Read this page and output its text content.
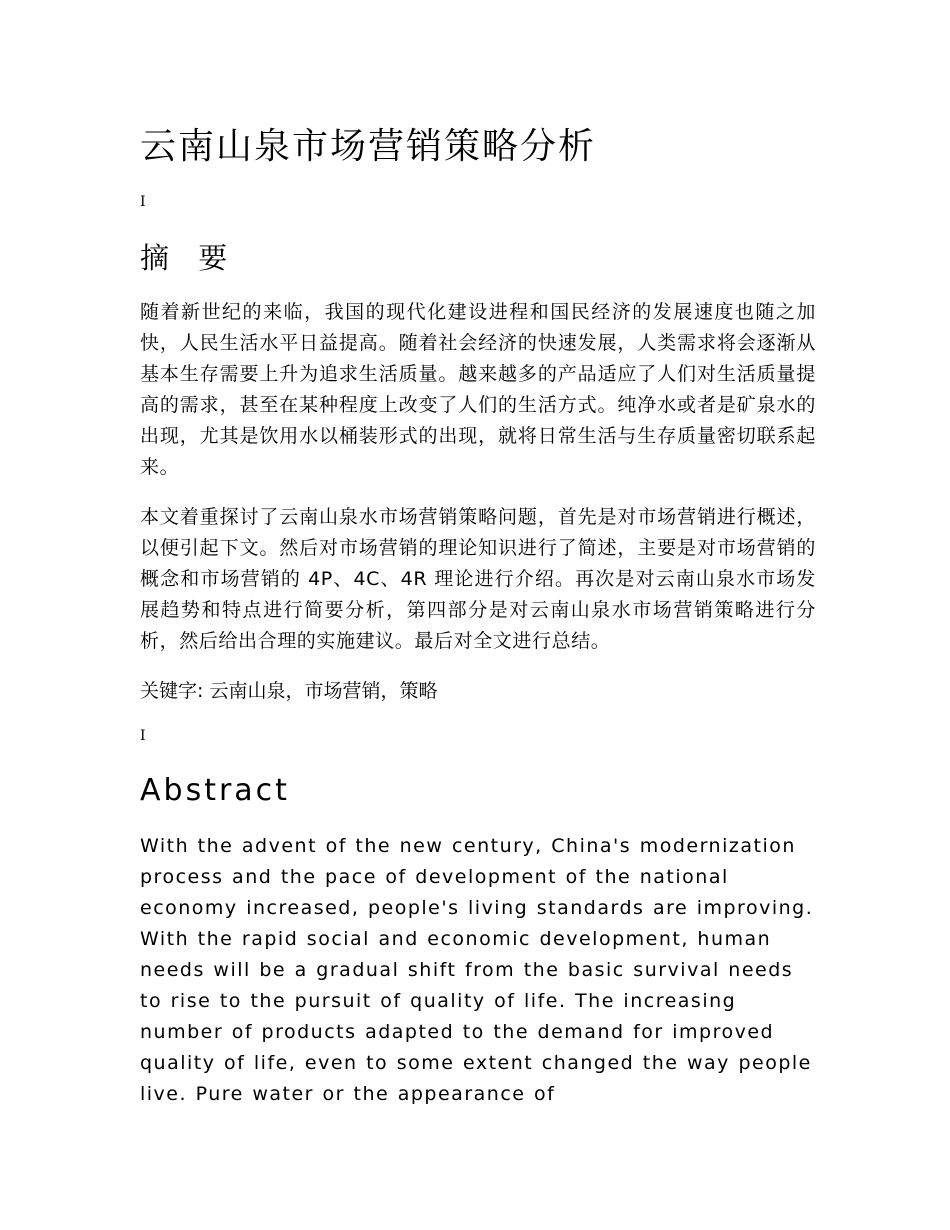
云南山泉市场营销策略分析
I
摘 要

随着新世纪的来临，我国的现代化建设进程和国民经济的发展速度也随之加快，人民生活水平日益提高。随着社会经济的快速发展，人类需求将会逐渐从基本生存需要上升为追求生活质量。越来越多的产品适应了人们对生活质量提高的需求，甚至在某种程度上改变了人们的生活方式。纯净水或者是矿泉水的出现，尤其是饮用水以桶装形式的出现，就将日常生活与生存质量密切联系起来。

本文着重探讨了云南山泉水市场营销策略问题，首先是对市场营销进行概述，以便引起下文。然后对市场营销的理论知识进行了简述，主要是对市场营销的概念和市场营销的 4P、4C、4R 理论进行介绍。再次是对云南山泉水市场发展趋势和特点进行简要分析，第四部分是对云南山泉水市场营销策略进行分析，然后给出合理的实施建议。最后对全文进行总结。

关键字: 云南山泉，市场营销，策略

I
Abstract

With the advent of the new century, China's modernization process and the pace of development of the national economy increased, people's living standards are improving. With the rapid social and economic development, human needs will be a gradual shift from the basic survival needs to rise to the pursuit of quality of life. The increasing number of products adapted to the demand for improved quality of life, even to some extent changed the way people live. Pure water or the appearance of
